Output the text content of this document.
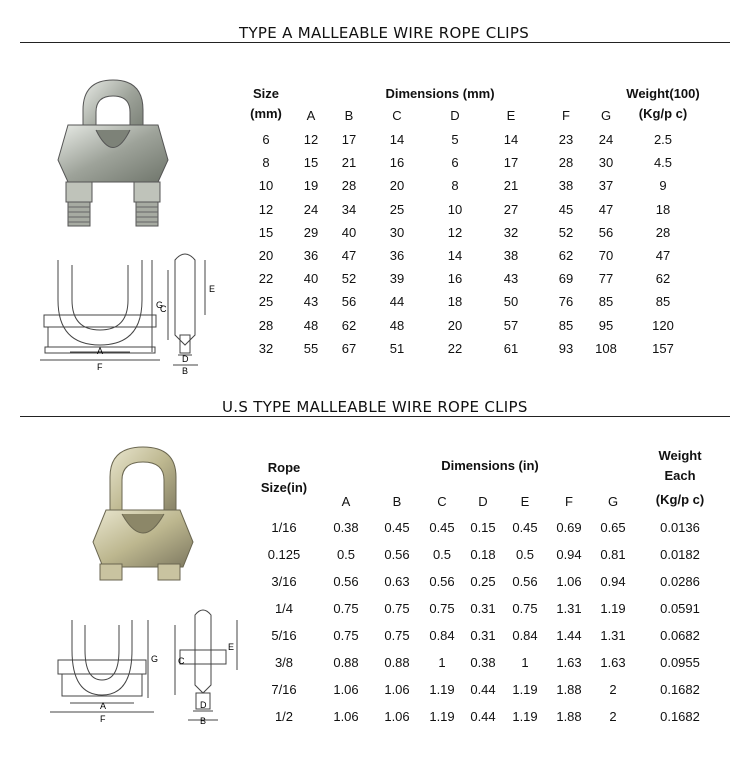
TYPE A MALLEABLE WIRE ROPE CLIPS
A
F
G
C
D
B
E
Size
(mm)
Dimensions (mm)	Weight(100)
(Kg/p c)
A	B	C	D	E	F	G
6	12	17	14	5	14	23	24	2.5
8	15	21	16	6	17	28	30	4.5
10	19	28	20	8	21	38	37	9
12	24	34	25	10	27	45	47	18
15	29	40	30	12	32	52	56	28
20	36	47	36	14	38	62	70	47
22	40	52	39	16	43	69	77	62
25	43	56	44	18	50	76	85	85
28	48	62	48	20	57	85	95	120
32	55	67	51	22	61	93	108	157
U.S TYPE MALLEABLE WIRE ROPE CLIPS
A
F
G C
D
B
E
Rope
Size(in)
Dimensions (in)
Weight
Each
(Kg/p c)
A	B	C	D	E	F	G
1/16	0.38	0.45	0.45	0.15	0.45	0.69	0.65	0.0136
0.125	0.5	0.56	0.5	0.18	0.5	0.94	0.81	0.0182
3/16	0.56	0.63	0.56	0.25	0.56	1.06	0.94	0.0286
1/4	0.75	0.75	0.75	0.31	0.75	1.31	1.19	0.0591
5/16	0.75	0.75	0.84	0.31	0.84	1.44	1.31	0.0682
3/8	0.88	0.88	1	0.38	1	1.63	1.63	0.0955
7/16	1.06	1.06	1.19	0.44	1.19	1.88	2	0.1682
1/2	1.06	1.06	1.19	0.44	1.19	1.88	2	0.1682
